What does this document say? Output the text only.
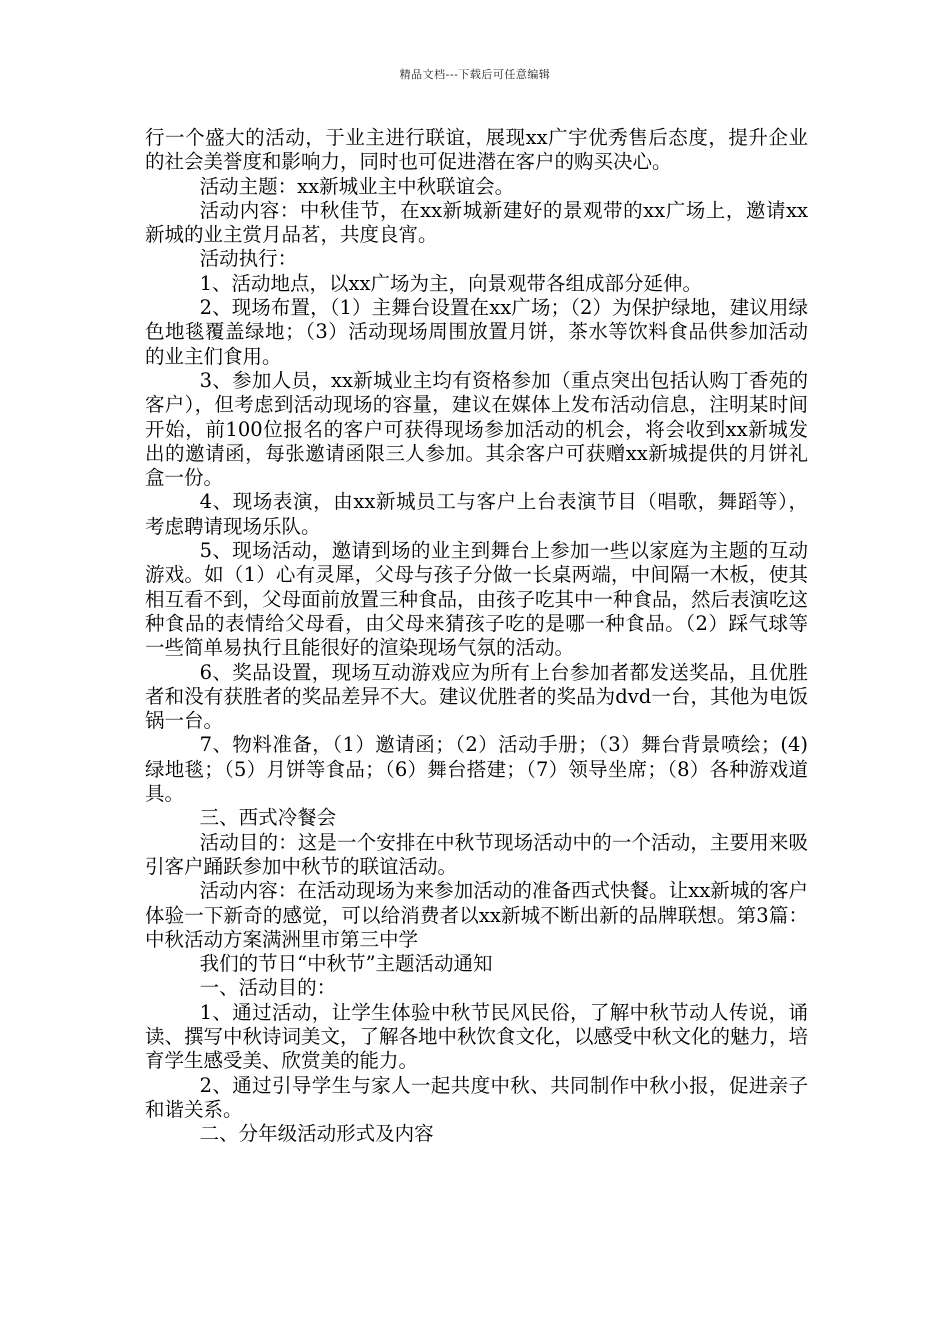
精品文档---下载后可任意编辑

行一个盛大的活动，于业主进行联谊，展现xx广宇优秀售后态度，提升企业的社会美誉度和影响力，同时也可促进潜在客户的购买决心。

活动主题：xx新城业主中秋联谊会。

活动内容：中秋佳节，在xx新城新建好的景观带的xx广场上，邀请xx新城的业主赏月品茗，共度良宵。

活动执行：

1、活动地点，以xx广场为主，向景观带各组成部分延伸。

2、现场布置，（1）主舞台设置在xx广场；（2）为保护绿地，建议用绿色地毯覆盖绿地；（3）活动现场周围放置月饼，茶水等饮料食品供参加活动的业主们食用。

3、参加人员，xx新城业主均有资格参加（重点突出包括认购丁香苑的客户），但考虑到活动现场的容量，建议在媒体上发布活动信息，注明某时间开始，前100位报名的客户可获得现场参加活动的机会，将会收到xx新城发出的邀请函，每张邀请函限三人参加。其余客户可获赠xx新城提供的月饼礼盒一份。

4、现场表演，由xx新城员工与客户上台表演节目（唱歌，舞蹈等），考虑聘请现场乐队。

5、现场活动，邀请到场的业主到舞台上参加一些以家庭为主题的互动游戏。如（1）心有灵犀，父母与孩子分做一长桌两端，中间隔一木板，使其相互看不到，父母面前放置三种食品，由孩子吃其中一种食品，然后表演吃这种食品的表情给父母看，由父母来猜孩子吃的是哪一种食品。（2）踩气球等一些简单易执行且能很好的渲染现场气氛的活动。

6、奖品设置，现场互动游戏应为所有上台参加者都发送奖品，且优胜者和没有获胜者的奖品差异不大。建议优胜者的奖品为dvd一台，其他为电饭锅一台。

7、物料准备，（1）邀请函；（2）活动手册；（3）舞台背景喷绘；(4)绿地毯；（5）月饼等食品；（6）舞台搭建；（7）领导坐席；（8）各种游戏道具。

三、西式冷餐会

活动目的：这是一个安排在中秋节现场活动中的一个活动，主要用来吸引客户踊跃参加中秋节的联谊活动。

活动内容：在活动现场为来参加活动的准备西式快餐。让xx新城的客户体验一下新奇的感觉，可以给消费者以xx新城不断出新的品牌联想。第3篇：中秋活动方案满洲里市第三中学

我们的节日“中秋节”主题活动通知

一、活动目的：

1、通过活动，让学生体验中秋节民风民俗，了解中秋节动人传说，诵读、撰写中秋诗词美文，了解各地中秋饮食文化，以感受中秋文化的魅力，培育学生感受美、欣赏美的能力。

2、通过引导学生与家人一起共度中秋、共同制作中秋小报，促进亲子和谐关系。

二、分年级活动形式及内容
